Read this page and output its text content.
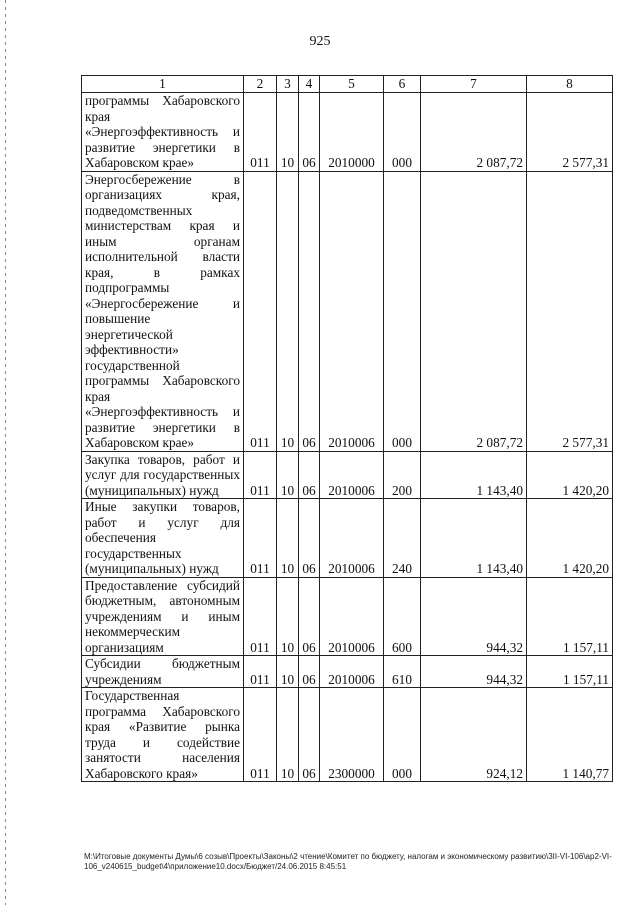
925
1	2	3	4	5	6	7	8
программы Хабаровского края «Энергоэффективность и развитие энергетики в Хабаровском крае»	011	10	06	2010000	000	2 087,72	2 577,31
Энергосбережение в организациях края, подведомственных министерствам края и иным органам исполнительной власти края, в рамках подпрограммы «Энергосбережение и повышение энергетической эффективности» государственной программы Хабаровского края «Энергоэффективность и развитие энергетики в Хабаровском крае»	011	10	06	2010006	000	2 087,72	2 577,31
Закупка товаров, работ и услуг для государственных (муниципальных) нужд	011	10	06	2010006	200	1 143,40	1 420,20
Иные закупки товаров, работ и услуг для обеспечения государственных (муниципальных) нужд	011	10	06	2010006	240	1 143,40	1 420,20
Предоставление субсидий бюджетным, автономным учреждениям и иным некоммерческим организациям	011	10	06	2010006	600	944,32	1 157,11
Субсидии бюджетным учреждениям	011	10	06	2010006	610	944,32	1 157,11
Государственная программа Хабаровского края «Развитие рынка труда и содействие занятости населения Хабаровского края»	011	10	06	2300000	000	924,12	1 140,77
M:\Итоговые документы Думы\6 созыв\Проекты\Законы\2 чтение\Комитет по бюджету, налогам и экономическому развитию\3II-VI-106\ap2-VI-106_v240615_budget\4\приложение10.docx/Бюджет/24.06.2015 8:45:51
